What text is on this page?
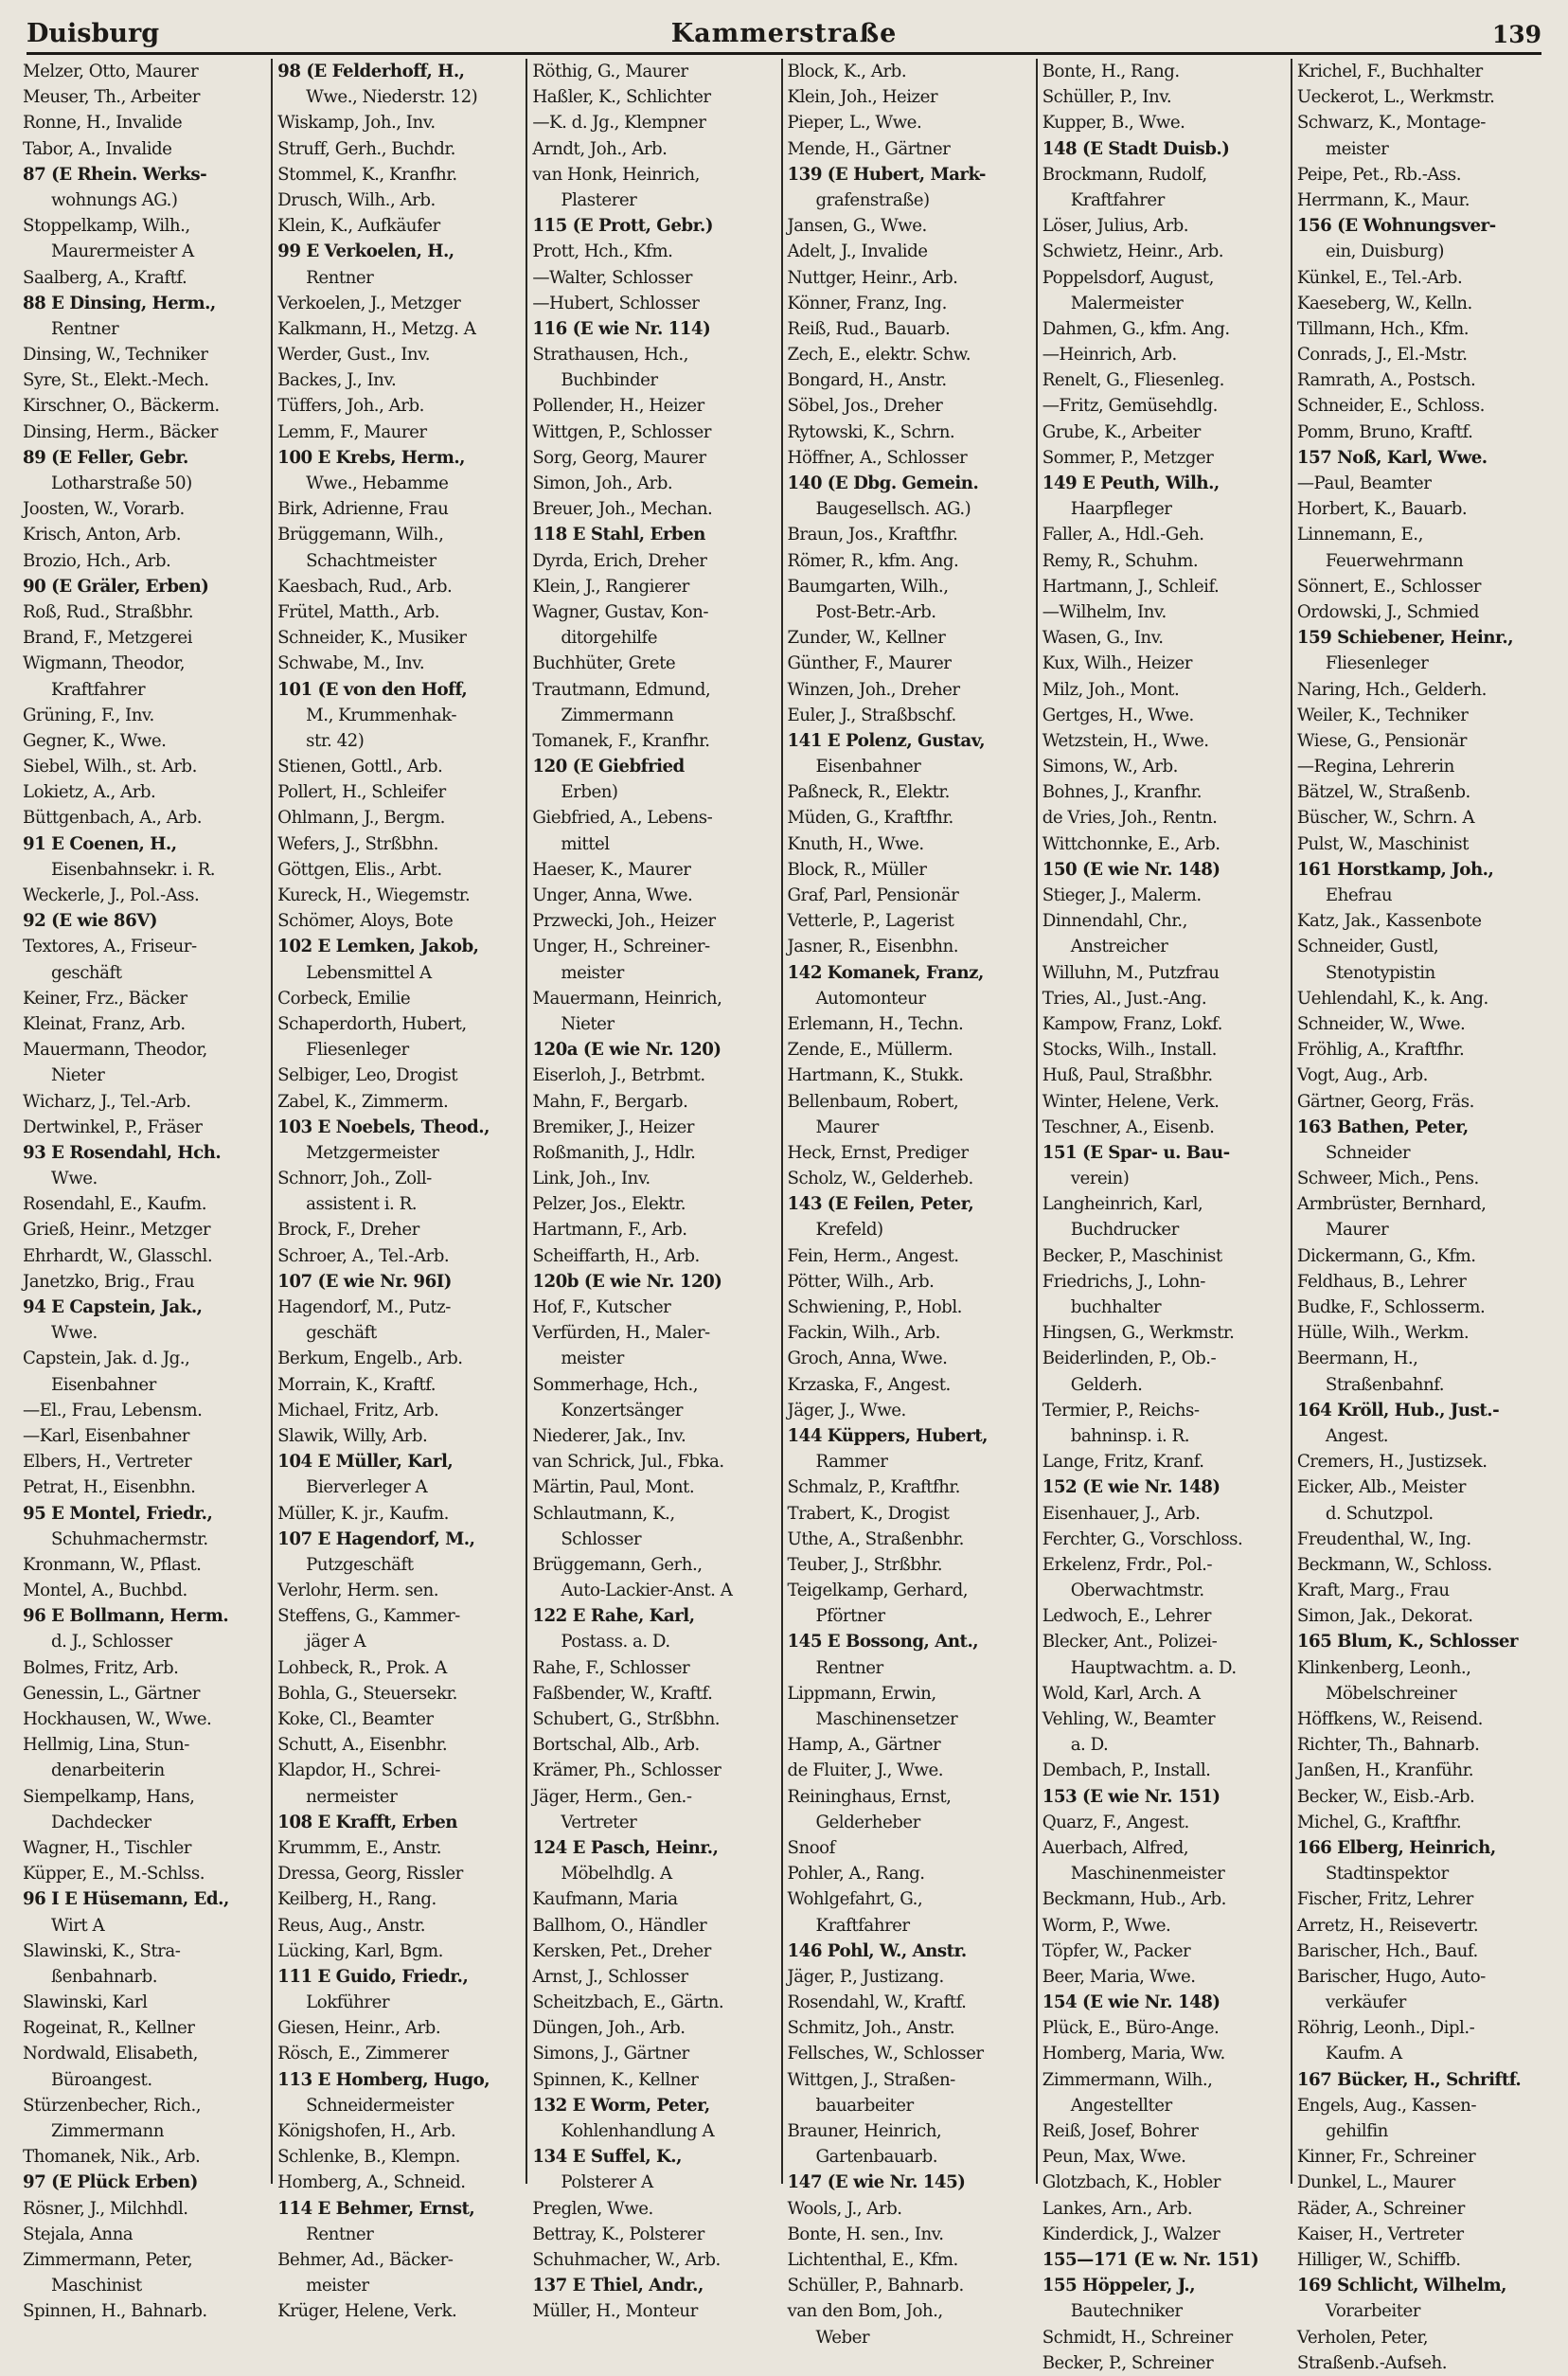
Duisburg	Kammerstraße	139
Melzer, Otto, Maurer
Meuser, Th., Arbeiter
Ronne, H., Invalide
Tabor, A., Invalide
87 (E Rhein. Werks-
wohnungs AG.)
Stoppelkamp, Wilh.,
Maurermeister A
Saalberg, A., Kraftf.
88 E Dinsing, Herm.,
Rentner
Dinsing, W., Techniker
Syre, St., Elekt.-Mech.
Kirschner, O., Bäckerm.
Dinsing, Herm., Bäcker
89 (E Feller, Gebr.
Lotharstraße 50)
Joosten, W., Vorarb.
Krisch, Anton, Arb.
Brozio, Hch., Arb.
90 (E Gräler, Erben)
Roß, Rud., Straßbhr.
Brand, F., Metzgerei
Wigmann, Theodor,
Kraftfahrer
Grüning, F., Inv.
Gegner, K., Wwe.
Siebel, Wilh., st. Arb.
Lokietz, A., Arb.
Büttgenbach, A., Arb.
91 E Coenen, H.,
Eisenbahnsekr. i. R.
Weckerle, J., Pol.-Ass.
92 (E wie 86V)
Textores, A., Friseur-
geschäft
Keiner, Frz., Bäcker
Kleinat, Franz, Arb.
Mauermann, Theodor,
Nieter
Wicharz, J., Tel.-Arb.
Dertwinkel, P., Fräser
93 E Rosendahl, Hch.
Wwe.
Rosendahl, E., Kaufm.
Grieß, Heinr., Metzger
Ehrhardt, W., Glasschl.
Janetzko, Brig., Frau
94 E Capstein, Jak.,
Wwe.
Capstein, Jak. d. Jg.,
Eisenbahner
—El., Frau, Lebensm.
—Karl, Eisenbahner
Elbers, H., Vertreter
Petrat, H., Eisenbhn.
95 E Montel, Friedr.,
Schuhmachermstr.
Kronmann, W., Pflast.
Montel, A., Buchbd.
96 E Bollmann, Herm.
d. J., Schlosser
Bolmes, Fritz, Arb.
Genessin, L., Gärtner
Hockhausen, W., Wwe.
Hellmig, Lina, Stun-
denarbeiterin
Siempelkamp, Hans,
Dachdecker
Wagner, H., Tischler
Küpper, E., M.-Schlss.
96 I E Hüsemann, Ed.,
Wirt A
Slawinski, K., Stra-
ßenbahnarb.
Slawinski, Karl
Rogeinat, R., Kellner
Nordwald, Elisabeth,
Büroangest.
Stürzenbecher, Rich.,
Zimmermann
Thomanek, Nik., Arb.
97 (E Plück Erben)
Rösner, J., Milchhdl.
Stejala, Anna
Zimmermann, Peter,
Maschinist
Spinnen, H., Bahnarb.
98 (E Felderhoff, H.,
Wwe., Niederstr. 12)
Wiskamp, Joh., Inv.
Struff, Gerh., Buchdr.
Stommel, K., Kranfhr.
Drusch, Wilh., Arb.
Klein, K., Aufkäufer
99 E Verkoelen, H.,
Rentner
Verkoelen, J., Metzger
Kalkmann, H., Metzg. A
Werder, Gust., Inv.
Backes, J., Inv.
Tüffers, Joh., Arb.
Lemm, F., Maurer
100 E Krebs, Herm.,
Wwe., Hebamme
Birk, Adrienne, Frau
Brüggemann, Wilh.,
Schachtmeister
Kaesbach, Rud., Arb.
Frütel, Matth., Arb.
Schneider, K., Musiker
Schwabe, M., Inv.
101 (E von den Hoff,
M., Krummenhak-
str. 42)
Stienen, Gottl., Arb.
Pollert, H., Schleifer
Ohlmann, J., Bergm.
Wefers, J., Strßbhn.
Göttgen, Elis., Arbt.
Kureck, H., Wiegemstr.
Schömer, Aloys, Bote
102 E Lemken, Jakob,
Lebensmittel A
Corbeck, Emilie
Schaperdorth, Hubert,
Fliesenleger
Selbiger, Leo, Drogist
Zabel, K., Zimmerm.
103 E Noebels, Theod.,
Metzgermeister
Schnorr, Joh., Zoll-
assistent i. R.
Brock, F., Dreher
Schroer, A., Tel.-Arb.
107 (E wie Nr. 96I)
Hagendorf, M., Putz-
geschäft
Berkum, Engelb., Arb.
Morrain, K., Kraftf.
Michael, Fritz, Arb.
Slawik, Willy, Arb.
104 E Müller, Karl,
Bierverleger A
Müller, K. jr., Kaufm.
107 E Hagendorf, M.,
Putzgeschäft
Verlohr, Herm. sen.
Steffens, G., Kammer-
jäger A
Lohbeck, R., Prok. A
Bohla, G., Steuersekr.
Koke, Cl., Beamter
Schutt, A., Eisenbhr.
Klapdor, H., Schrei-
nermeister
108 E Krafft, Erben
Krummm, E., Anstr.
Dressa, Georg, Rissler
Keilberg, H., Rang.
Reus, Aug., Anstr.
Lücking, Karl, Bgm.
111 E Guido, Friedr.,
Lokführer
Giesen, Heinr., Arb.
Rösch, E., Zimmerer
113 E Homberg, Hugo,
Schneidermeister
Königshofen, H., Arb.
Schlenke, B., Klempn.
Homberg, A., Schneid.
114 E Behmer, Ernst,
Rentner
Behmer, Ad., Bäcker-
meister
Krüger, Helene, Verk.
Röthig, G., Maurer
Haßler, K., Schlichter
—K. d. Jg., Klempner
Arndt, Joh., Arb.
van Honk, Heinrich,
Plasterer
115 (E Prott, Gebr.)
Prott, Hch., Kfm.
—Walter, Schlosser
—Hubert, Schlosser
116 (E wie Nr. 114)
Strathausen, Hch.,
Buchbinder
Pollender, H., Heizer
Wittgen, P., Schlosser
Sorg, Georg, Maurer
Simon, Joh., Arb.
Breuer, Joh., Mechan.
118 E Stahl, Erben
Dyrda, Erich, Dreher
Klein, J., Rangierer
Wagner, Gustav, Kon-
ditorgehilfe
Buchhüter, Grete
Trautmann, Edmund,
Zimmermann
Tomanek, F., Kranfhr.
120 (E Giebfried
Erben)
Giebfried, A., Lebens-
mittel
Haeser, K., Maurer
Unger, Anna, Wwe.
Przwecki, Joh., Heizer
Unger, H., Schreiner-
meister
Mauermann, Heinrich,
Nieter
120a (E wie Nr. 120)
Eiserloh, J., Betrbmt.
Mahn, F., Bergarb.
Bremiker, J., Heizer
Roßmanith, J., Hdlr.
Link, Joh., Inv.
Pelzer, Jos., Elektr.
Hartmann, F., Arb.
Scheiffarth, H., Arb.
120b (E wie Nr. 120)
Hof, F., Kutscher
Verfürden, H., Maler-
meister
Sommerhage, Hch.,
Konzertsänger
Niederer, Jak., Inv.
van Schrick, Jul., Fbka.
Märtin, Paul, Mont.
Schlautmann, K.,
Schlosser
Brüggemann, Gerh.,
Auto-Lackier-Anst. A
122 E Rahe, Karl,
Postass. a. D.
Rahe, F., Schlosser
Faßbender, W., Kraftf.
Schubert, G., Strßbhn.
Bortschal, Alb., Arb.
Krämer, Ph., Schlosser
Jäger, Herm., Gen.-
Vertreter
124 E Pasch, Heinr.,
Möbelhdlg. A
Kaufmann, Maria
Ballhom, O., Händler
Kersken, Pet., Dreher
Arnst, J., Schlosser
Scheitzbach, E., Gärtn.
Düngen, Joh., Arb.
Simons, J., Gärtner
Spinnen, K., Kellner
132 E Worm, Peter,
Kohlenhandlung A
134 E Suffel, K.,
Polsterer A
Preglen, Wwe.
Bettray, K., Polsterer
Schuhmacher, W., Arb.
137 E Thiel, Andr.,
Müller, H., Monteur
Block, K., Arb.
Klein, Joh., Heizer
Pieper, L., Wwe.
Mende, H., Gärtner
139 (E Hubert, Mark-
grafenstraße)
Jansen, G., Wwe.
Adelt, J., Invalide
Nuttger, Heinr., Arb.
Könner, Franz, Ing.
Reiß, Rud., Bauarb.
Zech, E., elektr. Schw.
Bongard, H., Anstr.
Söbel, Jos., Dreher
Rytowski, K., Schrn.
Höffner, A., Schlosser
140 (E Dbg. Gemein.
Baugesellsch. AG.)
Braun, Jos., Kraftfhr.
Römer, R., kfm. Ang.
Baumgarten, Wilh.,
Post-Betr.-Arb.
Zunder, W., Kellner
Günther, F., Maurer
Winzen, Joh., Dreher
Euler, J., Straßbschf.
141 E Polenz, Gustav,
Eisenbahner
Paßneck, R., Elektr.
Müden, G., Kraftfhr.
Knuth, H., Wwe.
Block, R., Müller
Graf, Parl, Pensionär
Vetterle, P., Lagerist
Jasner, R., Eisenbhn.
142 Komanek, Franz,
Automonteur
Erlemann, H., Techn.
Zende, E., Müllerm.
Hartmann, K., Stukk.
Bellenbaum, Robert,
Maurer
Heck, Ernst, Prediger
Scholz, W., Gelderheb.
143 (E Feilen, Peter,
Krefeld)
Fein, Herm., Angest.
Pötter, Wilh., Arb.
Schwiening, P., Hobl.
Fackin, Wilh., Arb.
Groch, Anna, Wwe.
Krzaska, F., Angest.
Jäger, J., Wwe.
144 Küppers, Hubert,
Rammer
Schmalz, P., Kraftfhr.
Trabert, K., Drogist
Uthe, A., Straßenbhr.
Teuber, J., Strßbhr.
Teigelkamp, Gerhard,
Pförtner
145 E Bossong, Ant.,
Rentner
Lippmann, Erwin,
Maschinensetzer
Hamp, A., Gärtner
de Fluiter, J., Wwe.
Reininghaus, Ernst,
Gelderheber
Snoof
Pohler, A., Rang.
Wohlgefahrt, G.,
Kraftfahrer
146 Pohl, W., Anstr.
Jäger, P., Justizang.
Rosendahl, W., Kraftf.
Schmitz, Joh., Anstr.
Fellsches, W., Schlosser
Wittgen, J., Straßen-
bauarbeiter
Brauner, Heinrich,
Gartenbauarb.
147 (E wie Nr. 145)
Wools, J., Arb.
Bonte, H. sen., Inv.
Lichtenthal, E., Kfm.
Schüller, P., Bahnarb.
van den Bom, Joh.,
Weber
Bonte, H., Rang.
Schüller, P., Inv.
Kupper, B., Wwe.
148 (E Stadt Duisb.)
Brockmann, Rudolf,
Kraftfahrer
Löser, Julius, Arb.
Schwietz, Heinr., Arb.
Poppelsdorf, August,
Malermeister
Dahmen, G., kfm. Ang.
—Heinrich, Arb.
Renelt, G., Fliesenleg.
—Fritz, Gemüsehdlg.
Grube, K., Arbeiter
Sommer, P., Metzger
149 E Peuth, Wilh.,
Haarpfleger
Faller, A., Hdl.-Geh.
Remy, R., Schuhm.
Hartmann, J., Schleif.
—Wilhelm, Inv.
Wasen, G., Inv.
Kux, Wilh., Heizer
Milz, Joh., Mont.
Gertges, H., Wwe.
Wetzstein, H., Wwe.
Simons, W., Arb.
Bohnes, J., Kranfhr.
de Vries, Joh., Rentn.
Wittchonnke, E., Arb.
150 (E wie Nr. 148)
Stieger, J., Malerm.
Dinnendahl, Chr.,
Anstreicher
Willuhn, M., Putzfrau
Tries, Al., Just.-Ang.
Kampow, Franz, Lokf.
Stocks, Wilh., Install.
Huß, Paul, Straßbhr.
Winter, Helene, Verk.
Teschner, A., Eisenb.
151 (E Spar- u. Bau-
verein)
Langheinrich, Karl,
Buchdrucker
Becker, P., Maschinist
Friedrichs, J., Lohn-
buchhalter
Hingsen, G., Werkmstr.
Beiderlinden, P., Ob.-
Gelderh.
Termier, P., Reichs-
bahninsp. i. R.
Lange, Fritz, Kranf.
152 (E wie Nr. 148)
Eisenhauer, J., Arb.
Ferchter, G., Vorschloss.
Erkelenz, Frdr., Pol.-
Oberwachtmstr.
Ledwoch, E., Lehrer
Blecker, Ant., Polizei-
Hauptwachtm. a. D.
Wold, Karl, Arch. A
Vehling, W., Beamter
a. D.
Dembach, P., Install.
153 (E wie Nr. 151)
Quarz, F., Angest.
Auerbach, Alfred,
Maschinenmeister
Beckmann, Hub., Arb.
Worm, P., Wwe.
Töpfer, W., Packer
Beer, Maria, Wwe.
154 (E wie Nr. 148)
Plück, E., Büro-Ange.
Homberg, Maria, Ww.
Zimmermann, Wilh.,
Angestellter
Reiß, Josef, Bohrer
Peun, Max, Wwe.
Glotzbach, K., Hobler
Lankes, Arn., Arb.
Kinderdick, J., Walzer
155—171 (E w. Nr. 151)
155 Höppeler, J.,
Bautechniker
Schmidt, H., Schreiner
Becker, P., Schreiner
Krichel, F., Buchhalter
Ueckerot, L., Werkmstr.
Schwarz, K., Montage-
meister
Peipe, Pet., Rb.-Ass.
Herrmann, K., Maur.
156 (E Wohnungsver-
ein, Duisburg)
Künkel, E., Tel.-Arb.
Kaeseberg, W., Kelln.
Tillmann, Hch., Kfm.
Conrads, J., El.-Mstr.
Ramrath, A., Postsch.
Schneider, E., Schloss.
Pomm, Bruno, Kraftf.
157 Noß, Karl, Wwe.
—Paul, Beamter
Horbert, K., Bauarb.
Linnemann, E.,
Feuerwehrmann
Sönnert, E., Schlosser
Ordowski, J., Schmied
159 Schiebener, Heinr.,
Fliesenleger
Naring, Hch., Gelderh.
Weiler, K., Techniker
Wiese, G., Pensionär
—Regina, Lehrerin
Bätzel, W., Straßenb.
Büscher, W., Schrn. A
Pulst, W., Maschinist
161 Horstkamp, Joh.,
Ehefrau
Katz, Jak., Kassenbote
Schneider, Gustl,
Stenotypistin
Uehlendahl, K., k. Ang.
Schneider, W., Wwe.
Fröhlig, A., Kraftfhr.
Vogt, Aug., Arb.
Gärtner, Georg, Fräs.
163 Bathen, Peter,
Schneider
Schweer, Mich., Pens.
Armbrüster, Bernhard,
Maurer
Dickermann, G., Kfm.
Feldhaus, B., Lehrer
Budke, F., Schlosserm.
Hülle, Wilh., Werkm.
Beermann, H.,
Straßenbahnf.
164 Kröll, Hub., Just.-
Angest.
Cremers, H., Justizsek.
Eicker, Alb., Meister
d. Schutzpol.
Freudenthal, W., Ing.
Beckmann, W., Schloss.
Kraft, Marg., Frau
Simon, Jak., Dekorat.
165 Blum, K., Schlosser
Klinkenberg, Leonh.,
Möbelschreiner
Höffkens, W., Reisend.
Richter, Th., Bahnarb.
Janßen, H., Kranführ.
Becker, W., Eisb.-Arb.
Michel, G., Kraftfhr.
166 Elberg, Heinrich,
Stadtinspektor
Fischer, Fritz, Lehrer
Arretz, H., Reisevertr.
Barischer, Hch., Bauf.
Barischer, Hugo, Auto-
verkäufer
Röhrig, Leonh., Dipl.-
Kaufm. A
167 Bücker, H., Schriftf.
Engels, Aug., Kassen-
gehilfin
Kinner, Fr., Schreiner
Dunkel, L., Maurer
Räder, A., Schreiner
Kaiser, H., Vertreter
Hilliger, W., Schiffb.
169 Schlicht, Wilhelm,
Vorarbeiter
Verholen, Peter,
Straßenb.-Aufseh.
